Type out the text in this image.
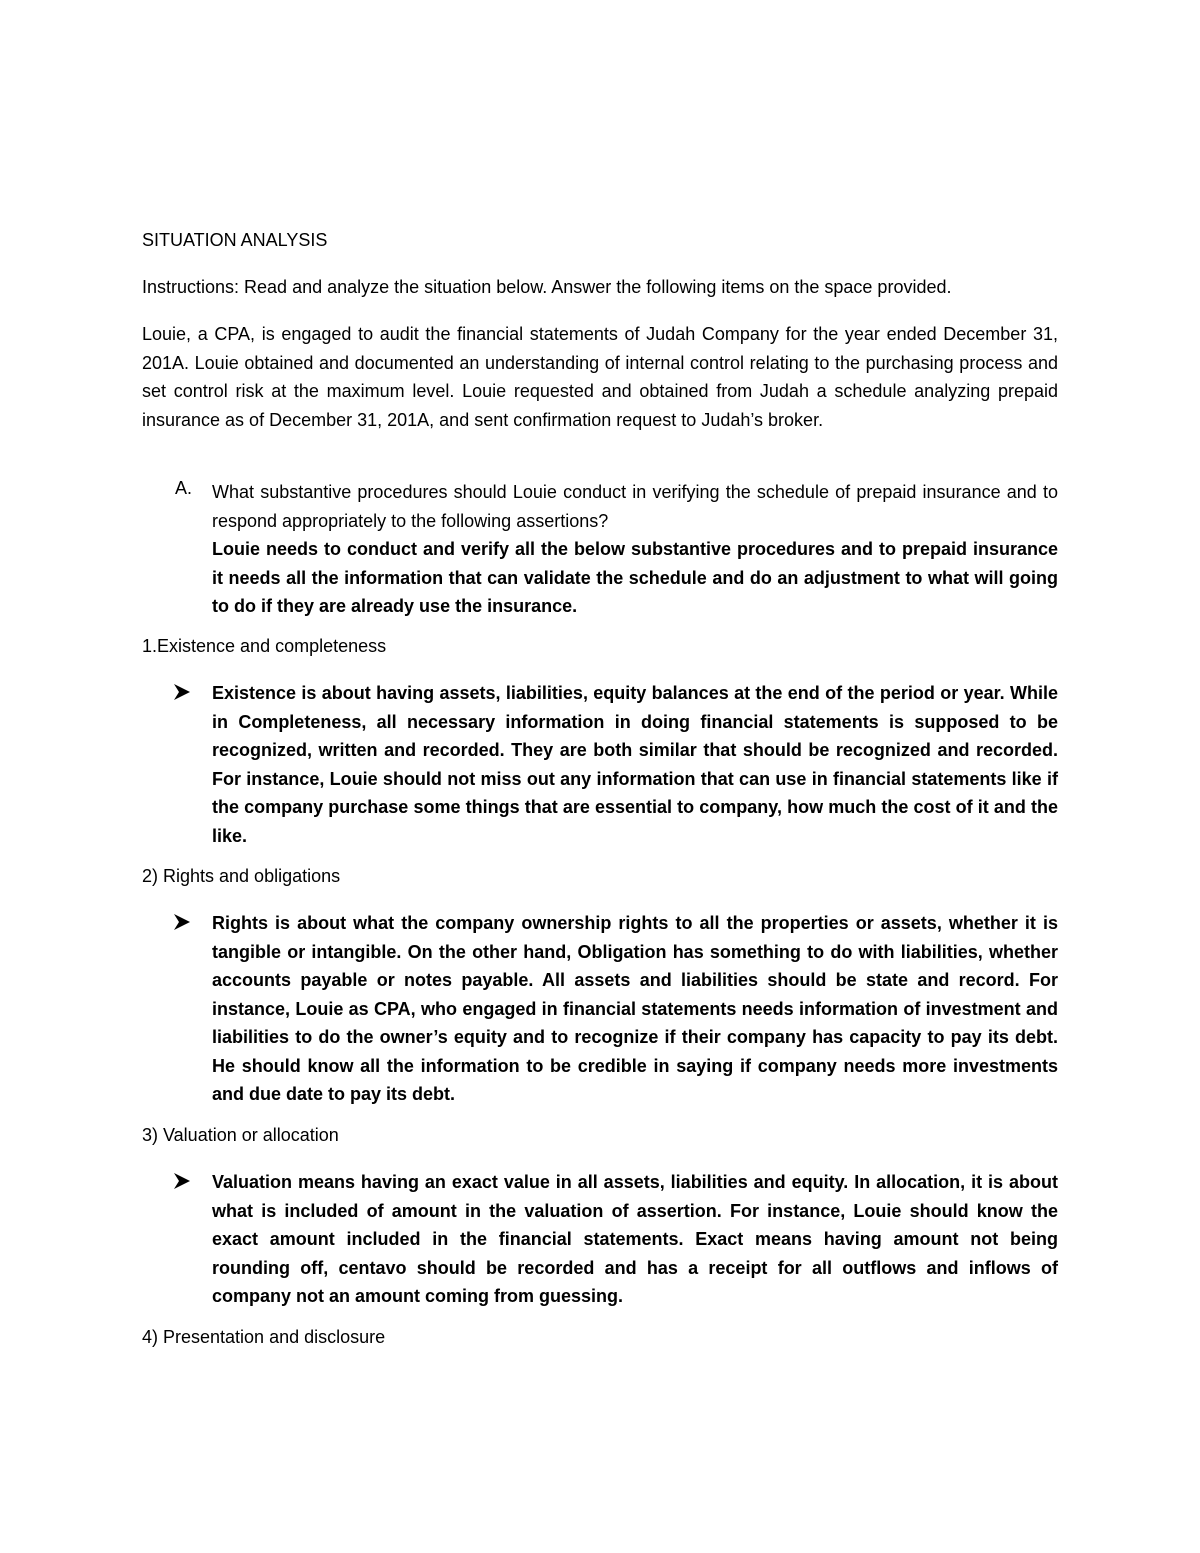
SITUATION ANALYSIS

Instructions: Read and analyze the situation below. Answer the following items on the space provided.

Louie, a CPA, is engaged to audit the financial statements of Judah Company for the year ended December 31, 201A. Louie obtained and documented an understanding of internal control relating to the purchasing process and set control risk at the maximum level. Louie requested and obtained from Judah a schedule analyzing prepaid insurance as of December 31, 201A, and sent confirmation request to Judah’s broker.

A. What substantive procedures should Louie conduct in verifying the schedule of prepaid insurance and to respond appropriately to the following assertions?
Louie needs to conduct and verify all the below substantive procedures and to prepaid insurance it needs all the information that can validate the schedule and do an adjustment to what will going to do if they are already use the insurance.
1.Existence and completeness
Existence is about having assets, liabilities, equity balances at the end of the period or year. While in Completeness, all necessary information in doing financial statements is supposed to be recognized, written and recorded. They are both similar that should be recognized and recorded. For instance, Louie should not miss out any information that can use in financial statements like if the company purchase some things that are essential to company, how much the cost of it and the like.
2) Rights and obligations
Rights is about what the company ownership rights to all the properties or assets, whether it is tangible or intangible. On the other hand, Obligation has something to do with liabilities, whether accounts payable or notes payable. All assets and liabilities should be state and record. For instance, Louie as CPA, who engaged in financial statements needs information of investment and liabilities to do the owner’s equity and to recognize if their company has capacity to pay its debt. He should know all the information to be credible in saying if company needs more investments and due date to pay its debt.
3) Valuation or allocation
Valuation means having an exact value in all assets, liabilities and equity. In allocation, it is about what is included of amount in the valuation of assertion. For instance, Louie should know the exact amount included in the financial statements. Exact means having amount not being rounding off, centavo should be recorded and has a receipt for all outflows and inflows of company not an amount coming from guessing.
4) Presentation and disclosure
